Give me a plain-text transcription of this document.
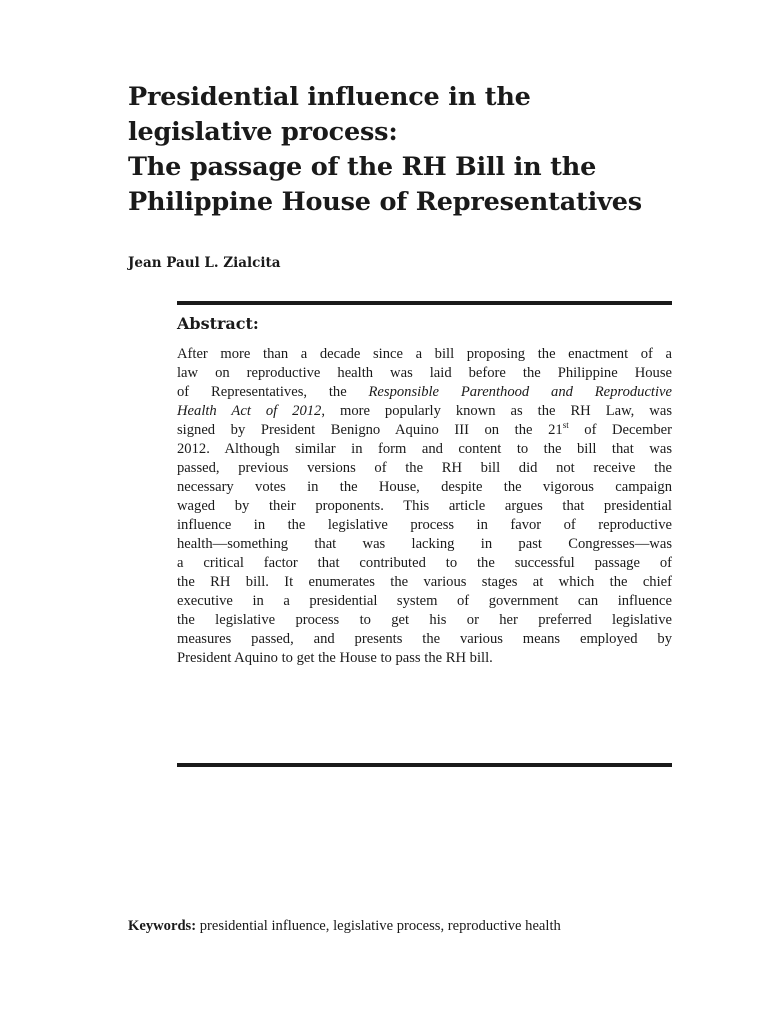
Presidential influence in the
legislative process:
The passage of the RH Bill in the
Philippine House of Representatives
Jean Paul L. Zialcita
Abstract:

After more than a decade since a bill proposing the enactment of a
law on reproductive health was laid before the Philippine House
of Representatives, the Responsible Parenthood and Reproductive
Health Act of 2012, more popularly known as the RH Law, was
signed by President Benigno Aquino III on the 21st of December
2012. Although similar in form and content to the bill that was
passed, previous versions of the RH bill did not receive the
necessary votes in the House, despite the vigorous campaign
waged by their proponents. This article argues that presidential
influence in the legislative process in favor of reproductive
health—something that was lacking in past Congresses—was
a critical factor that contributed to the successful passage of
the RH bill. It enumerates the various stages at which the chief
executive in a presidential system of government can influence
the legislative process to get his or her preferred legislative
measures passed, and presents the various means employed by
President Aquino to get the House to pass the RH bill.

Keywords: presidential influence, legislative process, reproductive health
